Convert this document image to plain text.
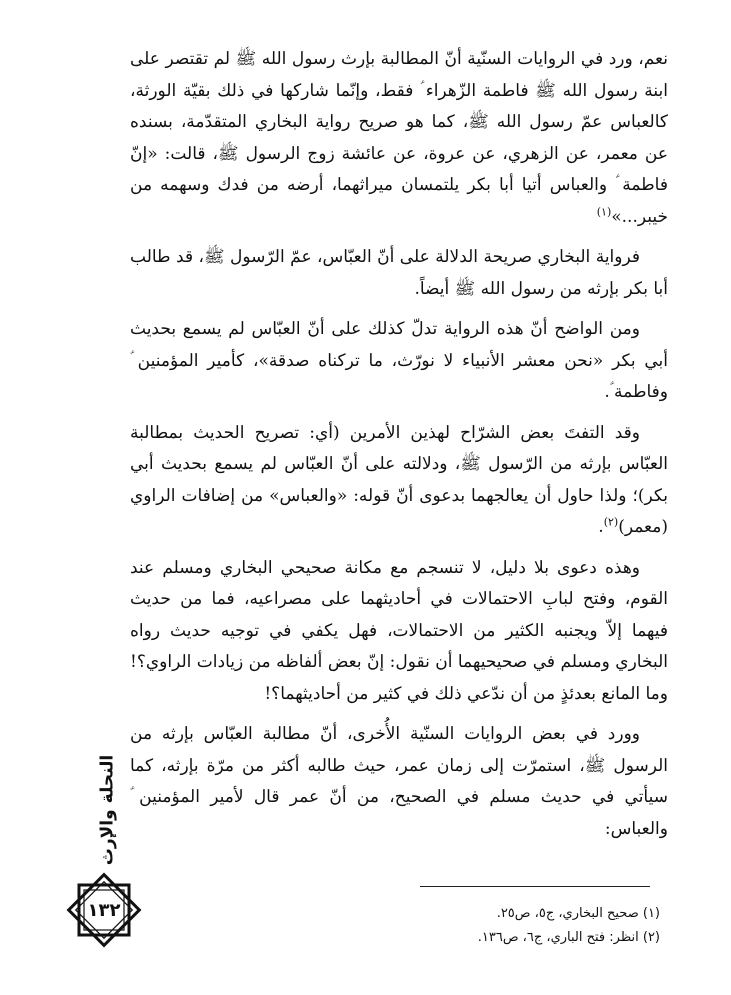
نعم، ورد في الروايات السنّية أنّ المطالبة بإرث رسول الله ﷺ لم تقتصر على ابنة رسول الله ﷺ فاطمة الزّهراء ؑ فقط، وإنّما شاركها في ذلك بقيّة الورثة، كالعباس عمّ رسول الله ﷺ، كما هو صريح رواية البخاري المتقدّمة، بسنده عن معمر، عن الزهري، عن عروة، عن عائشة زوج الرسول ﷺ، قالت: «إنّ فاطمة ؑ والعباس أتيا أبا بكر يلتمسان ميراثهما، أرضه من فدك وسهمه من خيبر...»$^{(١)}$

فرواية البخاري صريحة الدلالة على أنّ العبّاس، عمّ الرّسول ﷺ، قد طالب أبا بكر بإرثه من رسول الله ﷺ أيضاً.

ومن الواضح أنّ هذه الرواية تدلّ كذلك على أنّ العبّاس لم يسمع بحديث أبي بكر «نحن معشر الأنبياء لا نورّث، ما تركناه صدقة»، كأمير المؤمنين ؑ وفاطمة ؑ.

وقد التفتَ بعض الشرّاح لهذين الأمرين (أي: تصريح الحديث بمطالبة العبّاس بإرثه من الرّسول ﷺ، ودلالته على أنّ العبّاس لم يسمع بحديث أبي بكر)؛ ولذا حاول أن يعالجهما بدعوى أنّ قوله: «والعباس» من إضافات الراوي (معمر)$^{(٢)}$.

وهذه دعوى بلا دليل، لا تنسجم مع مكانة صحيحي البخاري ومسلم عند القوم، وفتح لبابِ الاحتمالات في أحاديثهما على مصراعيه، فما من حديث فيهما إلاّ ويجنبه الكثير من الاحتمالات، فهل يكفي في توجيه حديث رواه البخاري ومسلم في صحيحيهما أن نقول: إنّ بعض ألفاظه من زيادات الراوي؟! وما المانع بعدئذٍ من أن ندّعي ذلك في كثير من أحاديثهما؟!

وورد في بعض الروايات السنّية الأُخرى، أنّ مطالبة العبّاس بإرثه من الرسول ﷺ، استمرّت إلى زمان عمر، حيث طالبه أكثر من مرّة بإرثه، كما سيأتي في حديث مسلم في الصحيح، من أنّ عمر قال لأمير المؤمنين ؑ والعباس:

(١) صحيح البخاري، ج٥، ص٢٥.

(٢) انظر: فتح الباري، ج٦، ص١٣٦.

النحلة والإرث
١٣٢
